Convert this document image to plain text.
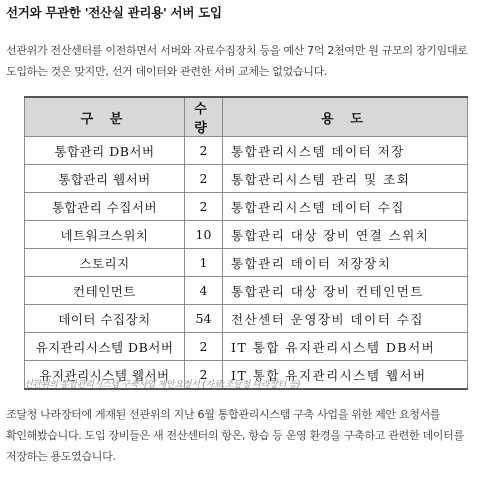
선거와 무관한 '전산실 관리용' 서버 도입
선관위가 전산센터를 이전하면서 서버와 자료수집장치 등을 예산 7억 2천여만 원 규모의 장기임대로
도입하는 것은 맞지만, 선거 데이터와 관련한 서버 교체는 없었습니다.
구 분	수 량	용 도
통합관리 DB서버	2	통합관리시스템 데이터 저장
통합관리 웹서버	2	통합관리시스템 관리 및 조회
통합관리 수집서버	2	통합관리시스템 데이터 수집
네트워크스위치	10	통합관리 대상 장비 연결 스위치
스토리지	1	통합관리 데이터 저장장치
컨테인먼트	4	통합관리 대상 장비 컨테인먼트
데이터 수집장치	54	전산센터 운영장비 데이터 수집
유지관리시스템 DB서버	2	IT 통합 유지관리시스템 DB서버
유지관리시스템 웹서버	2	IT 통합 유지관리시스템 웹서버
선관위의 통합관리시스템 구축사업 제안요청서 (자료:조달청 나라장터 등)
조달청 나라장터에 게재된 선관위의 지난 6월 통합관리시스템 구축 사업을 위한 제안 요청서를
확인해봤습니다. 도입 장비들은 새 전산센터의 항온, 항습 등 운영 환경을 구축하고 관련한 데이터를
저장하는 용도였습니다.
